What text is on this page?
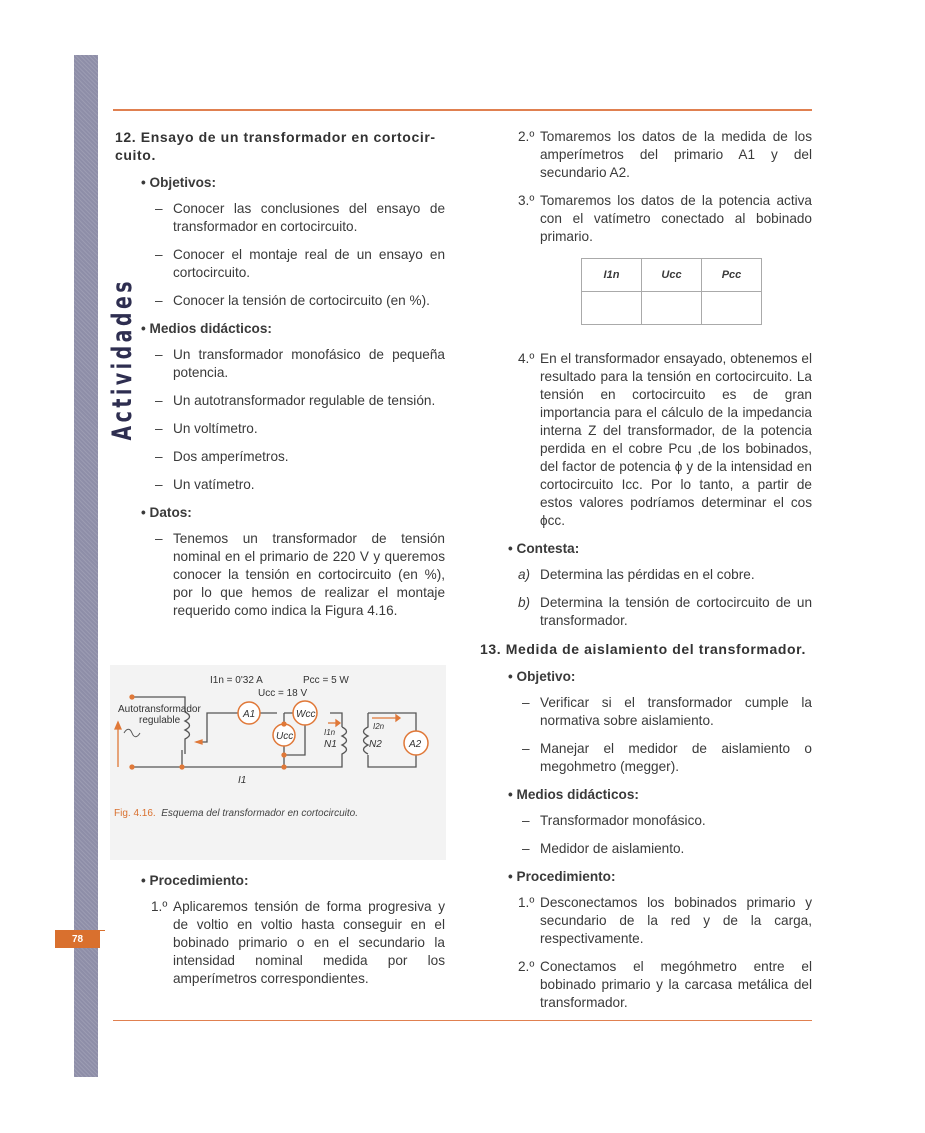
Actividades
78
12. Ensayo de un transformador en cortocir-cuito.
• Objetivos:
– Conocer las conclusiones del ensayo de transformador en cortocircuito.
– Conocer el montaje real de un ensayo en cortocircuito.
– Conocer la tensión de cortocircuito (en %).
• Medios didácticos:
– Un transformador monofásico de pequeña potencia.
– Un autotransformador regulable de tensión.
– Un voltímetro.
– Dos amperímetros.
– Un vatímetro.
• Datos:
– Tenemos un transformador de tensión nominal en el primario de 220 V y queremos conocer la tensión en cortocircuito (en %), por lo que hemos de realizar el montaje requerido como indica la Figura 4.16.
I1n = 0'32 A	Pcc = 5 W
Ucc = 18 V
Autotransformador
regulable
A1	Wcc
Ucc	I1n
N1
I2n
N2	A2
I1
Fig. 4.16. Esquema del transformador en cortocircuito.
• Procedimiento:
1.º Aplicaremos tensión de forma progresiva y de voltio en voltio hasta conseguir en el bobinado primario o en el secundario la intensidad nominal medida por los amperímetros correspondientes.
2.º Tomaremos los datos de la medida de los amperímetros del primario A1 y del secundario A2.
3.º Tomaremos los datos de la potencia activa con el vatímetro conectado al bobinado primario.
I1n	Ucc	Pcc

4.º En el transformador ensayado, obtenemos el resultado para la tensión en cortocircuito. La tensión en cortocircuito es de gran importancia para el cálculo de la impedancia interna Z del transformador, de la potencia perdida en el cobre Pcu ,de los bobinados, del factor de potencia ϕ y de la intensidad en cortocircuito Icc. Por lo tanto, a partir de estos valores podríamos determinar el cos ϕcc.
• Contesta:
a) Determina las pérdidas en el cobre.
b) Determina la tensión de cortocircuito de un transformador.
13. Medida de aislamiento del transformador.
• Objetivo:
– Verificar si el transformador cumple la normativa sobre aislamiento.
– Manejar el medidor de aislamiento o megohmetro (megger).
• Medios didácticos:
– Transformador monofásico.
– Medidor de aislamiento.
• Procedimiento:
1.º Desconectamos los bobinados primario y secundario de la red y de la carga, respectivamente.
2.º Conectamos el megóhmetro entre el bobinado primario y la carcasa metálica del transformador.
